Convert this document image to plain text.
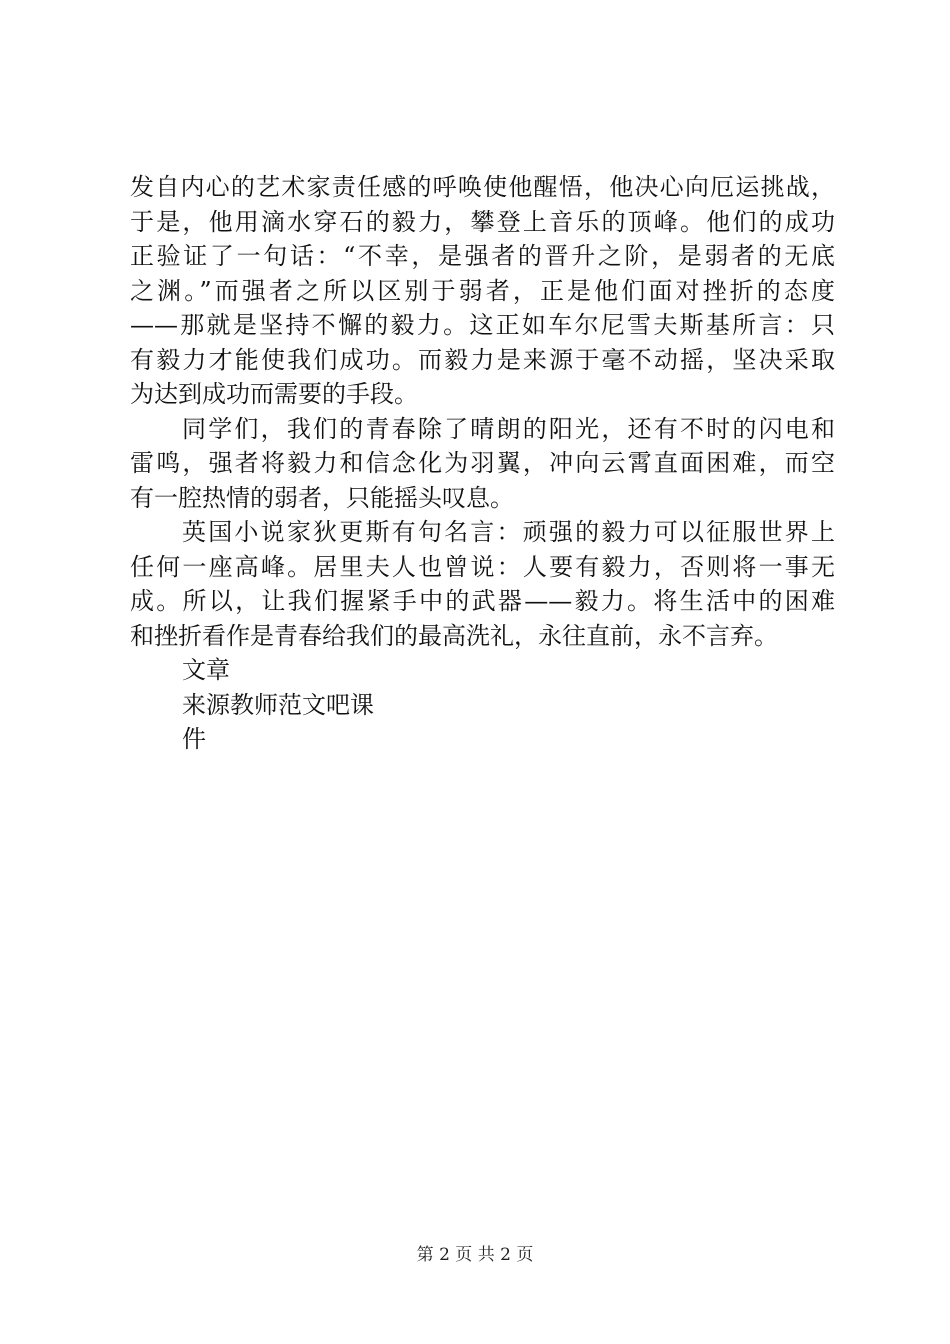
发自内心的艺术家责任感的呼唤使他醒悟，他决心向厄运挑战，
于是，他用滴水穿石的毅力，攀登上音乐的顶峰。他们的成功
正验证了一句话：“不幸，是强者的晋升之阶，是弱者的无底
之渊。”而强者之所以区别于弱者，正是他们面对挫折的态度
——那就是坚持不懈的毅力。这正如车尔尼雪夫斯基所言：只
有毅力才能使我们成功。而毅力是来源于毫不动摇，坚决采取
为达到成功而需要的手段。
同学们，我们的青春除了晴朗的阳光，还有不时的闪电和
雷鸣，强者将毅力和信念化为羽翼，冲向云霄直面困难，而空
有一腔热情的弱者，只能摇头叹息。
英国小说家狄更斯有句名言：顽强的毅力可以征服世界上
任何一座高峰。居里夫人也曾说：人要有毅力，否则将一事无
成。所以，让我们握紧手中的武器——毅力。将生活中的困难
和挫折看作是青春给我们的最高洗礼，永往直前，永不言弃。
文章
来源教师范文吧课
件
第 2 页 共 2 页
